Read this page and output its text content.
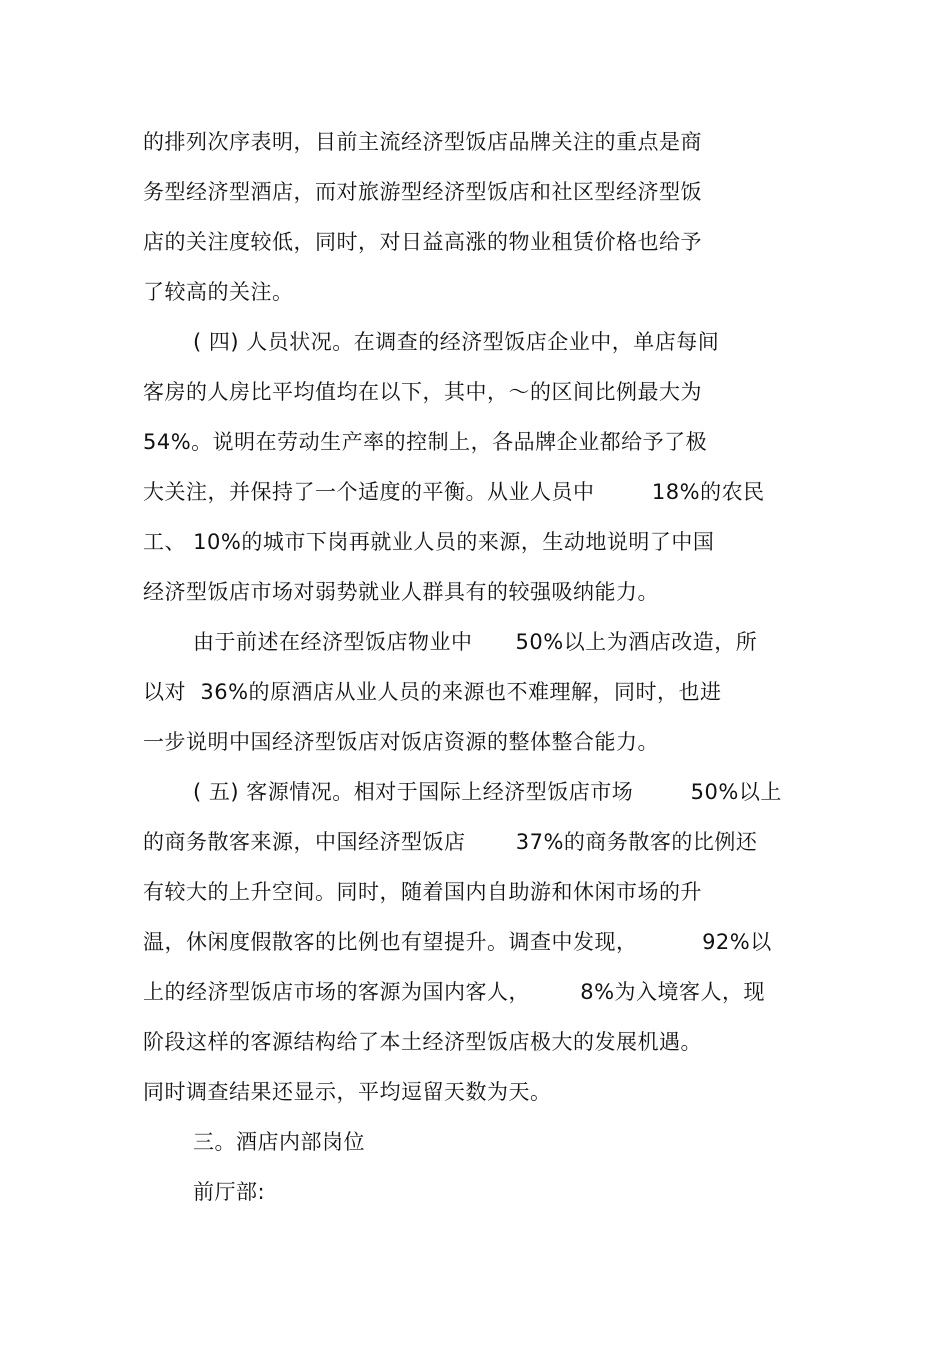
的排列次序表明，目前主流经济型饭店品牌关注的重点是商
务型经济型酒店，而对旅游型经济型饭店和社区型经济型饭
店的关注度较低，同时，对日益高涨的物业租赁价格也给予
了较高的关注。
( 四) 人员状况。在调查的经济型饭店企业中，单店每间
客房的人房比平均值均在以下，其中，～的区间比例最大为
54%。说明在劳动生产率的控制上，各品牌企业都给予了极
大关注，并保持了一个适度的平衡。从业人员中        18%的农民
工、 10%的城市下岗再就业人员的来源，生动地说明了中国
经济型饭店市场对弱势就业人群具有的较强吸纳能力。
由于前述在经济型饭店物业中      50%以上为酒店改造，所
以对  36%的原酒店从业人员的来源也不难理解，同时，也进
一步说明中国经济型饭店对饭店资源的整体整合能力。
( 五) 客源情况。相对于国际上经济型饭店市场        50%以上
的商务散客来源，中国经济型饭店       37%的商务散客的比例还
有较大的上升空间。同时，随着国内自助游和休闲市场的升
温，休闲度假散客的比例也有望提升。调查中发现，         92%以
上的经济型饭店市场的客源为国内客人，       8%为入境客人，现
阶段这样的客源结构给了本土经济型饭店极大的发展机遇。
同时调查结果还显示，平均逗留天数为天。
三。酒店内部岗位
前厅部:
